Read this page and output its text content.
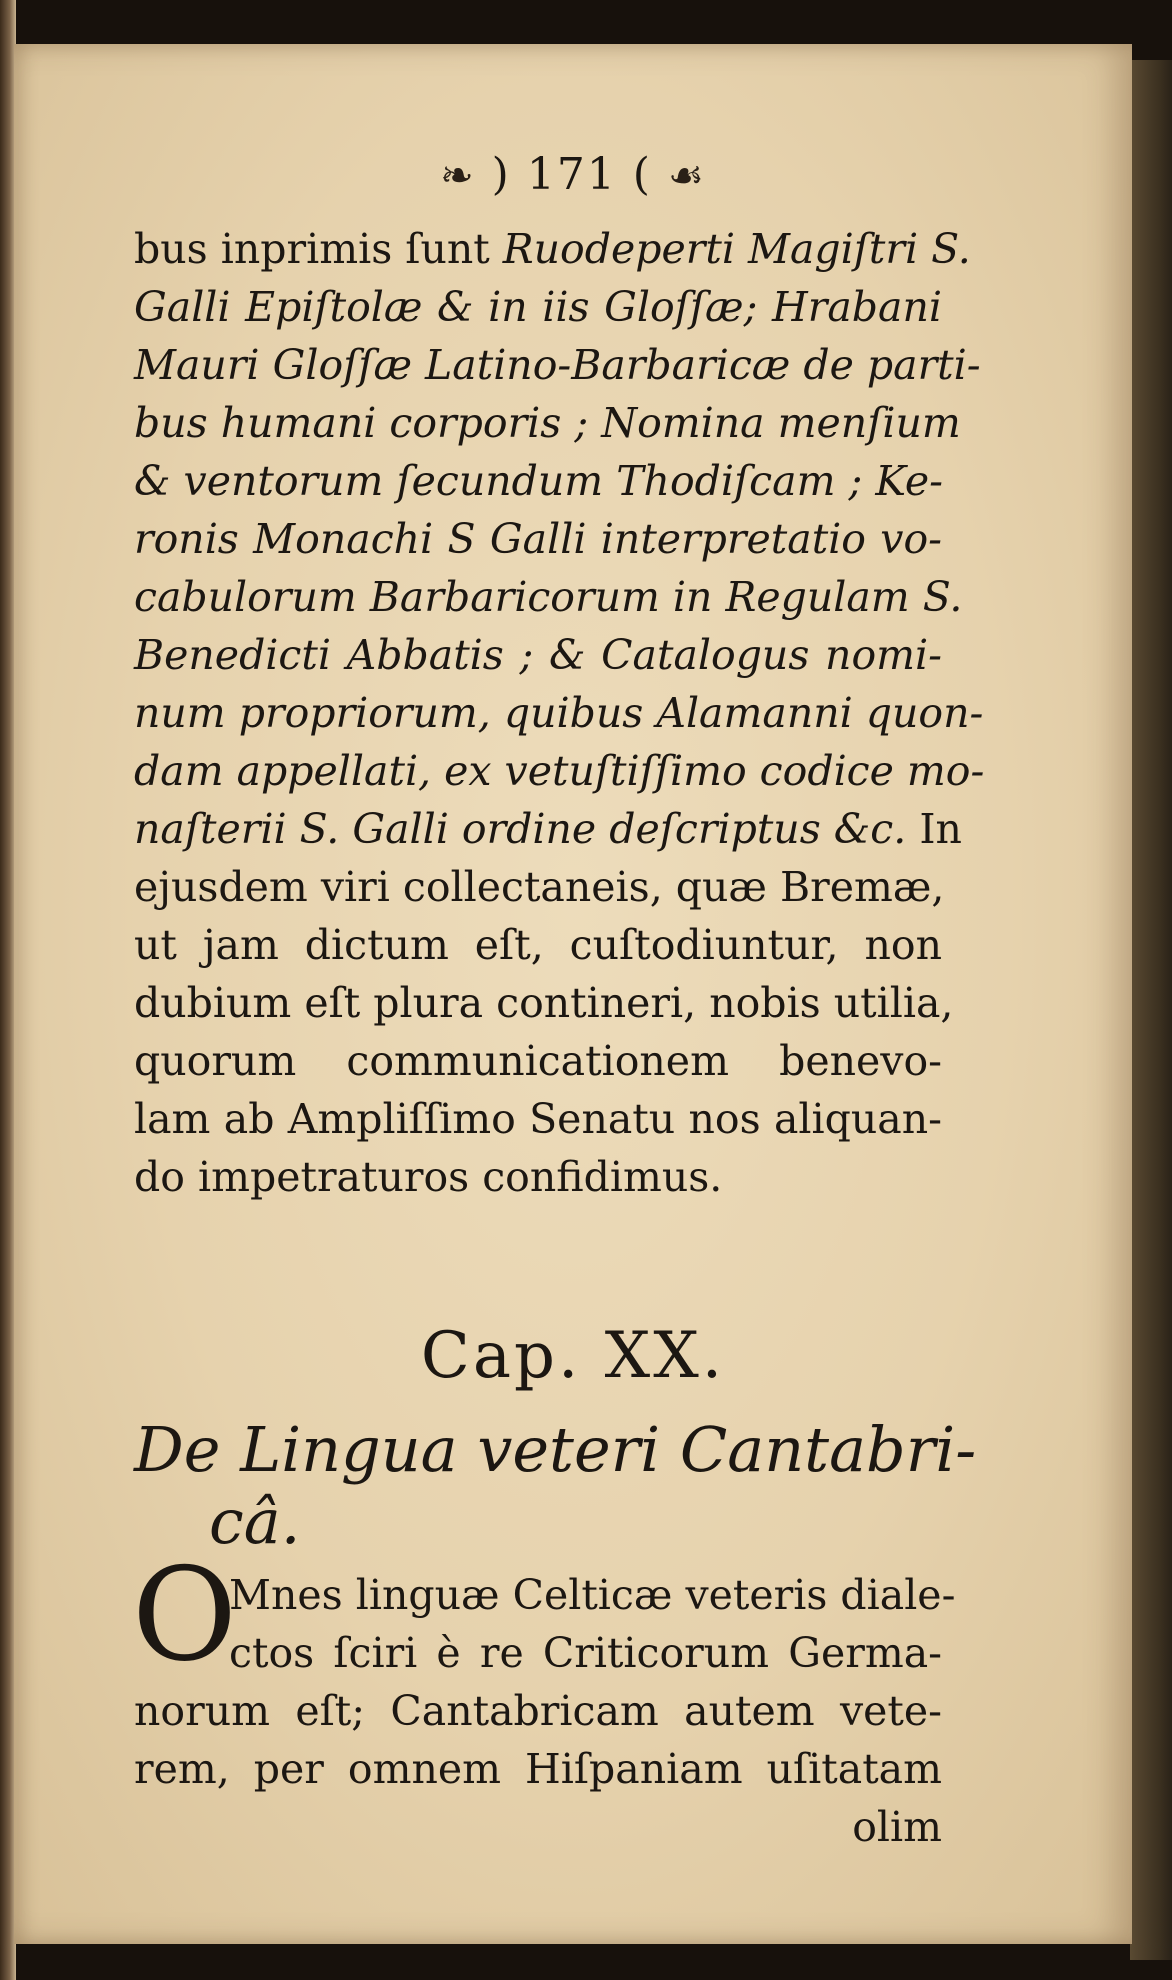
❧ ) 171 ( ☙
bus inprimis ſunt Ruodeperti Magiſtri S.
Galli Epiſtolæ & in iis Gloſſæ; Hrabani
Mauri Gloſſæ Latino-Barbaricæ de parti-
bus humani corporis ; Nomina menſium
& ventorum ſecundum Thodiſcam ; Ke-
ronis Monachi S Galli interpretatio vo-
cabulorum Barbaricorum in Regulam S.
Benedicti Abbatis ; & Catalogus nomi-
num propriorum, quibus Alamanni quon-
dam appellati, ex vetuſtiſſimo codice mo-
naſterii S. Galli ordine deſcriptus &c. In
ejusdem viri collectaneis, quæ Bremæ,
ut jam dictum eſt, cuſtodiuntur, non
dubium eſt plura contineri, nobis utilia,
quorum communicationem benevo-
lam ab Ampliſſimo Senatu nos aliquan-
do impetraturos confidimus.
Cap. XX.
De Lingua veteri Cantabri-
câ.
O
Mnes linguæ Celticæ veteris diale-
ctos ſciri è re Criticorum Germa-
norum eſt; Cantabricam autem vete-
rem, per omnem Hiſpaniam uſitatam
olim
